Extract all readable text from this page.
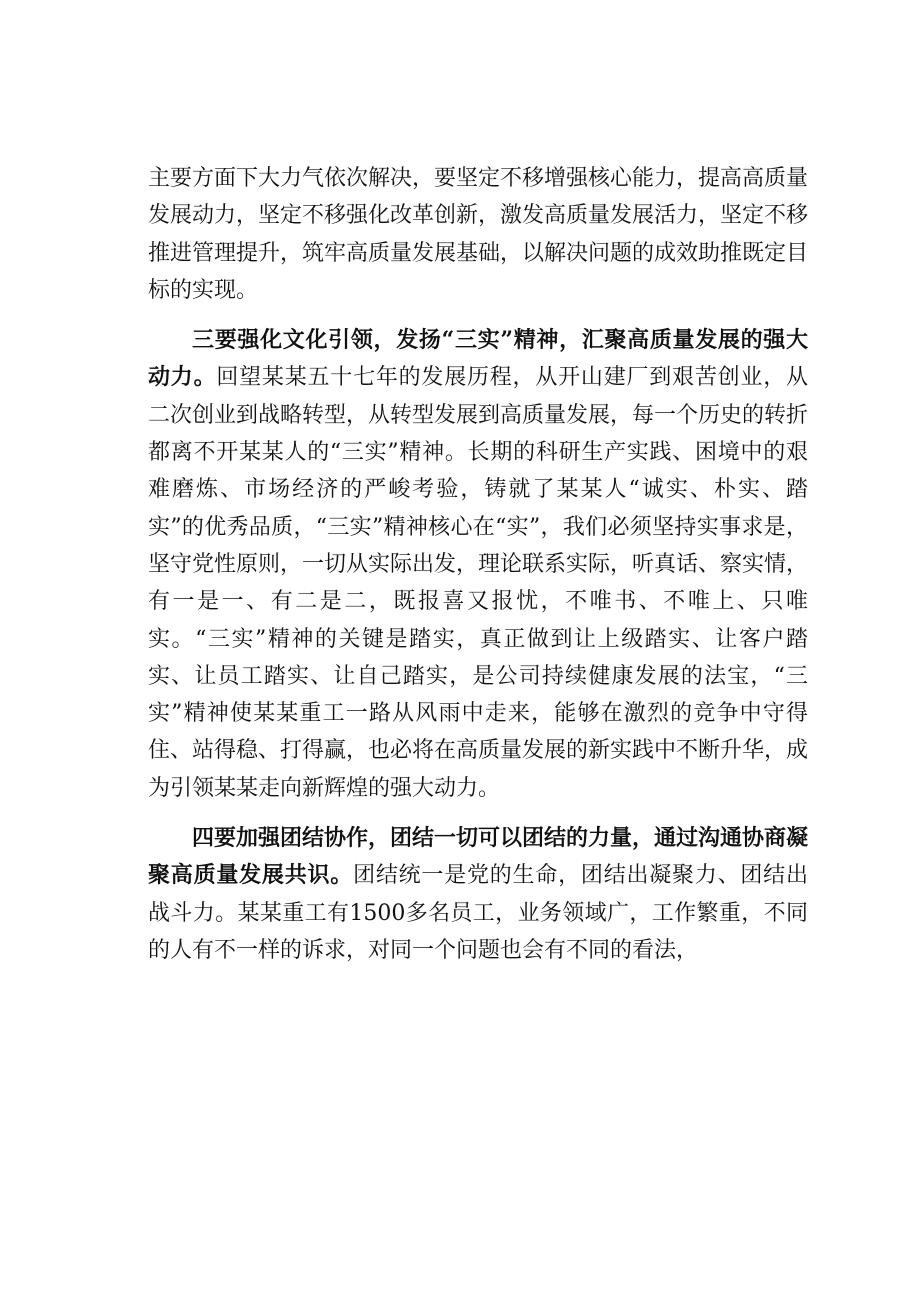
主要方面下大力气依次解决，要坚定不移增强核心能力，提高高质量发展动力，坚定不移强化改革创新，激发高质量发展活力，坚定不移推进管理提升，筑牢高质量发展基础，以解决问题的成效助推既定目标的实现。

三要强化文化引领，发扬“三实”精神，汇聚高质量发展的强大动力。回望某某五十七年的发展历程，从开山建厂到艰苦创业，从二次创业到战略转型，从转型发展到高质量发展，每一个历史的转折都离不开某某人的“三实”精神。长期的科研生产实践、困境中的艰难磨炼、市场经济的严峻考验，铸就了某某人“诚实、朴实、踏实”的优秀品质，“三实”精神核心在“实”，我们必须坚持实事求是，坚守党性原则，一切从实际出发，理论联系实际，听真话、察实情，有一是一、有二是二，既报喜又报忧，不唯书、不唯上、只唯实。“三实”精神的关键是踏实，真正做到让上级踏实、让客户踏实、让员工踏实、让自己踏实，是公司持续健康发展的法宝，“三实”精神使某某重工一路从风雨中走来，能够在激烈的竞争中守得住、站得稳、打得赢，也必将在高质量发展的新实践中不断升华，成为引领某某走向新辉煌的强大动力。

四要加强团结协作，团结一切可以团结的力量，通过沟通协商凝聚高质量发展共识。团结统一是党的生命，团结出凝聚力、团结出战斗力。某某重工有1500多名员工，业务领域广，工作繁重，不同的人有不一样的诉求，对同一个问题也会有不同的看法，
